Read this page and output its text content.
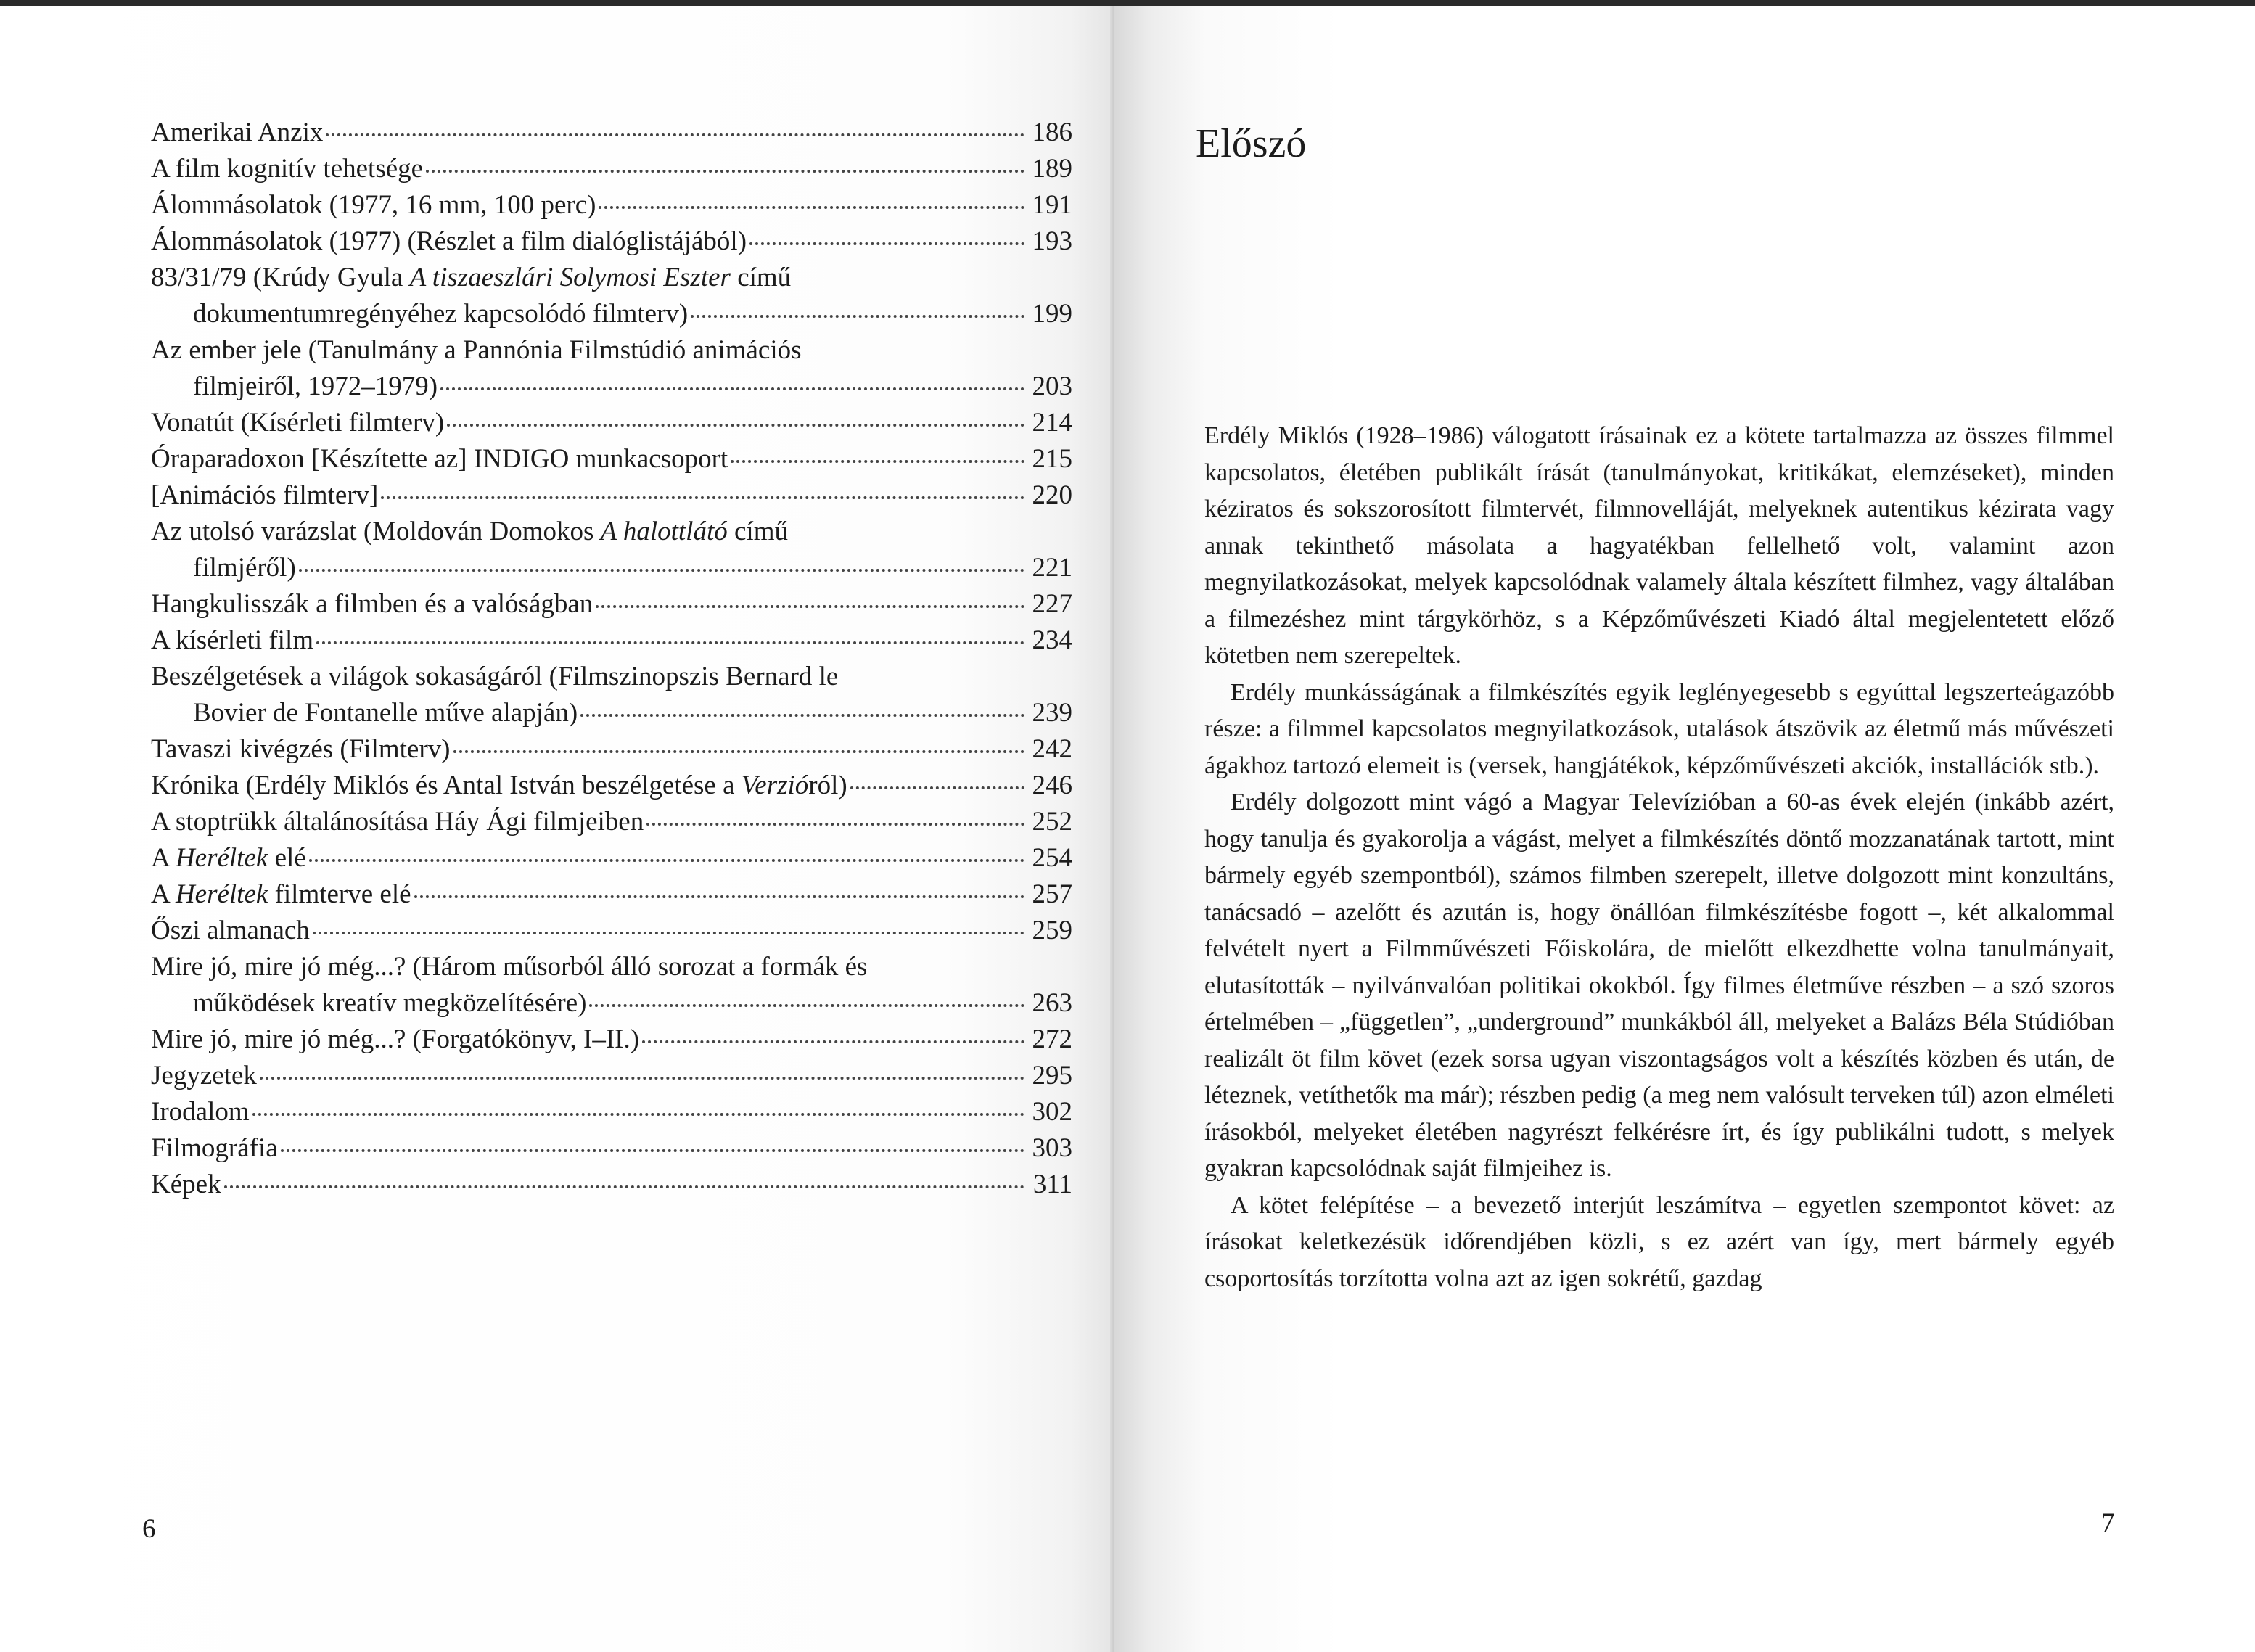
Amerikai Anzix	186
A film kognitív tehetsége	189
Álommásolatok (1977, 16 mm, 100 perc)	191
Álommásolatok (1977) (Részlet a film dialóglistájából)	193
83/31/79 (Krúdy Gyula A tiszaeszlári Solymosi Eszter című
dokumentumregényéhez kapcsolódó filmterv)	199
Az ember jele (Tanulmány a Pannónia Filmstúdió animációs
filmjeiről, 1972–1979)	203
Vonatút (Kísérleti filmterv)	214
Óraparadoxon [Készítette az] INDIGO munkacsoport	215
[Animációs filmterv]	220
Az utolsó varázslat (Moldován Domokos A halottlátó című
filmjéről)	221
Hangkulisszák a filmben és a valóságban	227
A kísérleti film	234
Beszélgetések a világok sokaságáról (Filmszinopszis Bernard le
Bovier de Fontanelle műve alapján)	239
Tavaszi kivégzés (Filmterv)	242
Krónika (Erdély Miklós és Antal István beszélgetése a Verzióról)	246
A stoptrükk általánosítása Háy Ági filmjeiben	252
A Heréltek elé	254
A Heréltek filmterve elé	257
Őszi almanach	259
Mire jó, mire jó még...? (Három műsorból álló sorozat a formák és
működések kreatív megközelítésére)	263
Mire jó, mire jó még...? (Forgatókönyv, I–II.)	272
Jegyzetek	295
Irodalom	302
Filmográfia	303
Képek	311
6
Előszó

Erdély Miklós (1928–1986) válogatott írásainak ez a kötete tartalmazza az összes filmmel kapcsolatos, életében publikált írását (tanulmányokat, kritikákat, elemzéseket), minden kéziratos és sokszorosított filmtervét, filmnovelláját, melyeknek autentikus kézirata vagy annak tekinthető másolata a hagyatékban fellelhető volt, valamint azon megnyilatkozásokat, melyek kapcsolódnak valamely általa készített filmhez, vagy általában a filmezéshez mint tárgykörhöz, s a Képzőművészeti Kiadó által megjelentetett előző kötetben nem szerepeltek.

Erdély munkásságának a filmkészítés egyik leglényegesebb s egyúttal legszerteágazóbb része: a filmmel kapcsolatos megnyilatkozások, utalások átszövik az életmű más művészeti ágakhoz tartozó elemeit is (versek, hangjátékok, képzőművészeti akciók, installációk stb.).

Erdély dolgozott mint vágó a Magyar Televízióban a 60-as évek elején (inkább azért, hogy tanulja és gyakorolja a vágást, melyet a filmkészítés döntő mozzanatának tartott, mint bármely egyéb szempontból), számos filmben szerepelt, illetve dolgozott mint konzultáns, tanácsadó – azelőtt és azután is, hogy önállóan filmkészítésbe fogott –, két alkalommal felvételt nyert a Filmművészeti Főiskolára, de mielőtt elkezdhette volna tanulmányait, elutasították – nyilvánvalóan politikai okokból. Így filmes életműve részben – a szó szoros értelmében – „független”, „underground” munkákból áll, melyeket a Balázs Béla Stúdióban realizált öt film követ (ezek sorsa ugyan viszontagságos volt a készítés közben és után, de léteznek, vetíthetők ma már); részben pedig (a meg nem valósult terveken túl) azon elméleti írásokból, melyeket életében nagyrészt felkérésre írt, és így publikálni tudott, s melyek gyakran kapcsolódnak saját filmjeihez is.

A kötet felépítése – a bevezető interjút leszámítva – egyetlen szempontot követ: az írásokat keletkezésük időrendjében közli, s ez azért van így, mert bármely egyéb csoportosítás torzította volna azt az igen sokrétű, gazdag

7
